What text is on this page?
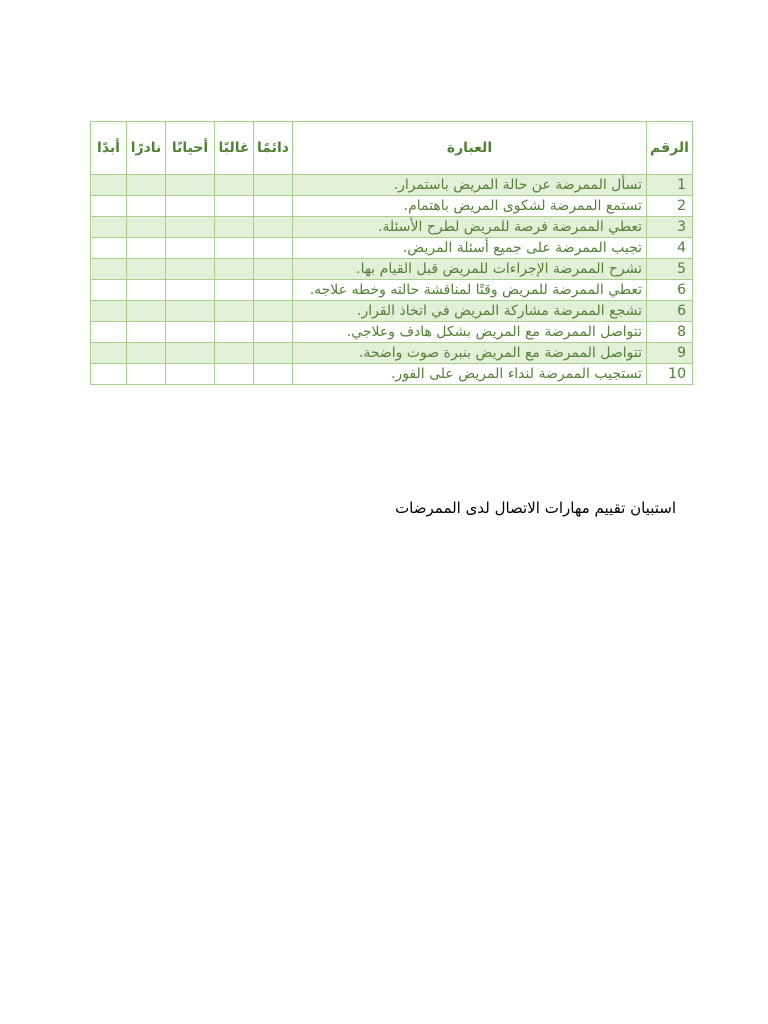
الرقم	العبارة	دائمًا	غالبًا	أحيانًا	نادرًا	أبدًا
1	تسأل الممرضة عن حالة المريض باستمرار.					
2	تستمع الممرضة لشكوى المريض باهتمام.					
3	تعطي الممرضة فرصة للمريض لطرح الأسئلة.					
4	تجيب الممرضة على جميع أسئلة المريض.					
5	تشرح الممرضة الإجراءات للمريض قبل القيام بها.					
6	تعطي الممرضة للمريض وقتًا لمناقشة حالته وخطه علاجه.					
6	تشجع الممرضة مشاركة المريض في اتخاذ القرار.					
8	تتواصل الممرضة مع المريض بشكل هادف وعلاجي.					
9	تتواصل الممرضة مع المريض بنبرة صوت واضحة.					
10	تستجيب الممرضة لنداء المريض على الفور.					
استبيان تقييم مهارات الاتصال لدى الممرضات
